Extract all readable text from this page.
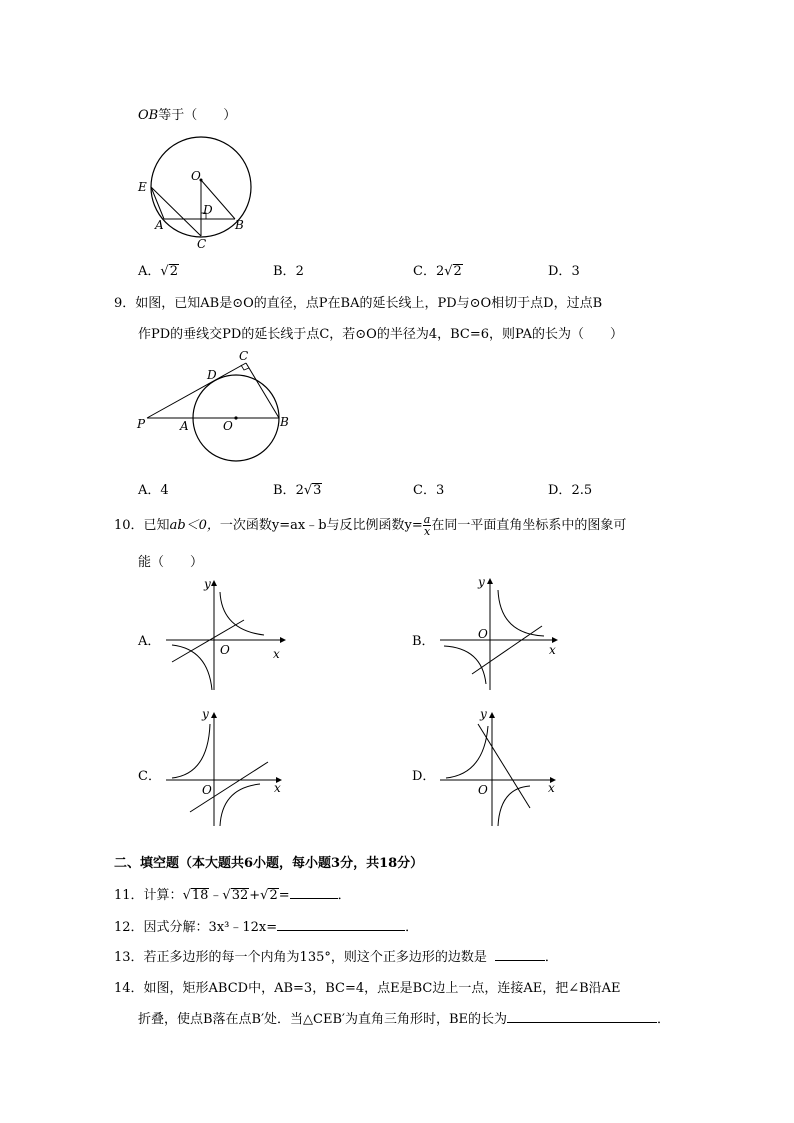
OB等于（　　）
O
E
D
A	B
C
A．√2	B．2	C．2√2	D．3
9．如图，已知AB是⊙O的直径，点P在BA的延长线上，PD与⊙O相切于点D，过点B
作PD的垂线交PD的延长线于点C，若⊙O的半径为4，BC=6，则PA的长为（　　）
P	A	O	B
D
C
A．4	B．2√3	C．3	D．2.5
10．已知ab＜0，一次函数y=ax﹣b与反比例函数$y= \frac{a}{x}$ 在同一平面直角坐标系中的图象可
能（　　）
A．
O	x
y
B．	O
x
y
C．
O	x
y
D．
O	x
y
二、填空题（本大题共6小题，每小题3分，共18分）
11．计算：√18﹣√32+√2=	．
12．因式分解：3x³﹣12x=	．
13．若正多边形的每一个内角为135°，则这个正多边形的边数是	．
14．如图，矩形ABCD中，AB=3，BC=4，点E是BC边上一点，连接AE，把∠B沿AE
折叠，使点B落在点B′处．当△CEB′为直角三角形时，BE的长为	．
